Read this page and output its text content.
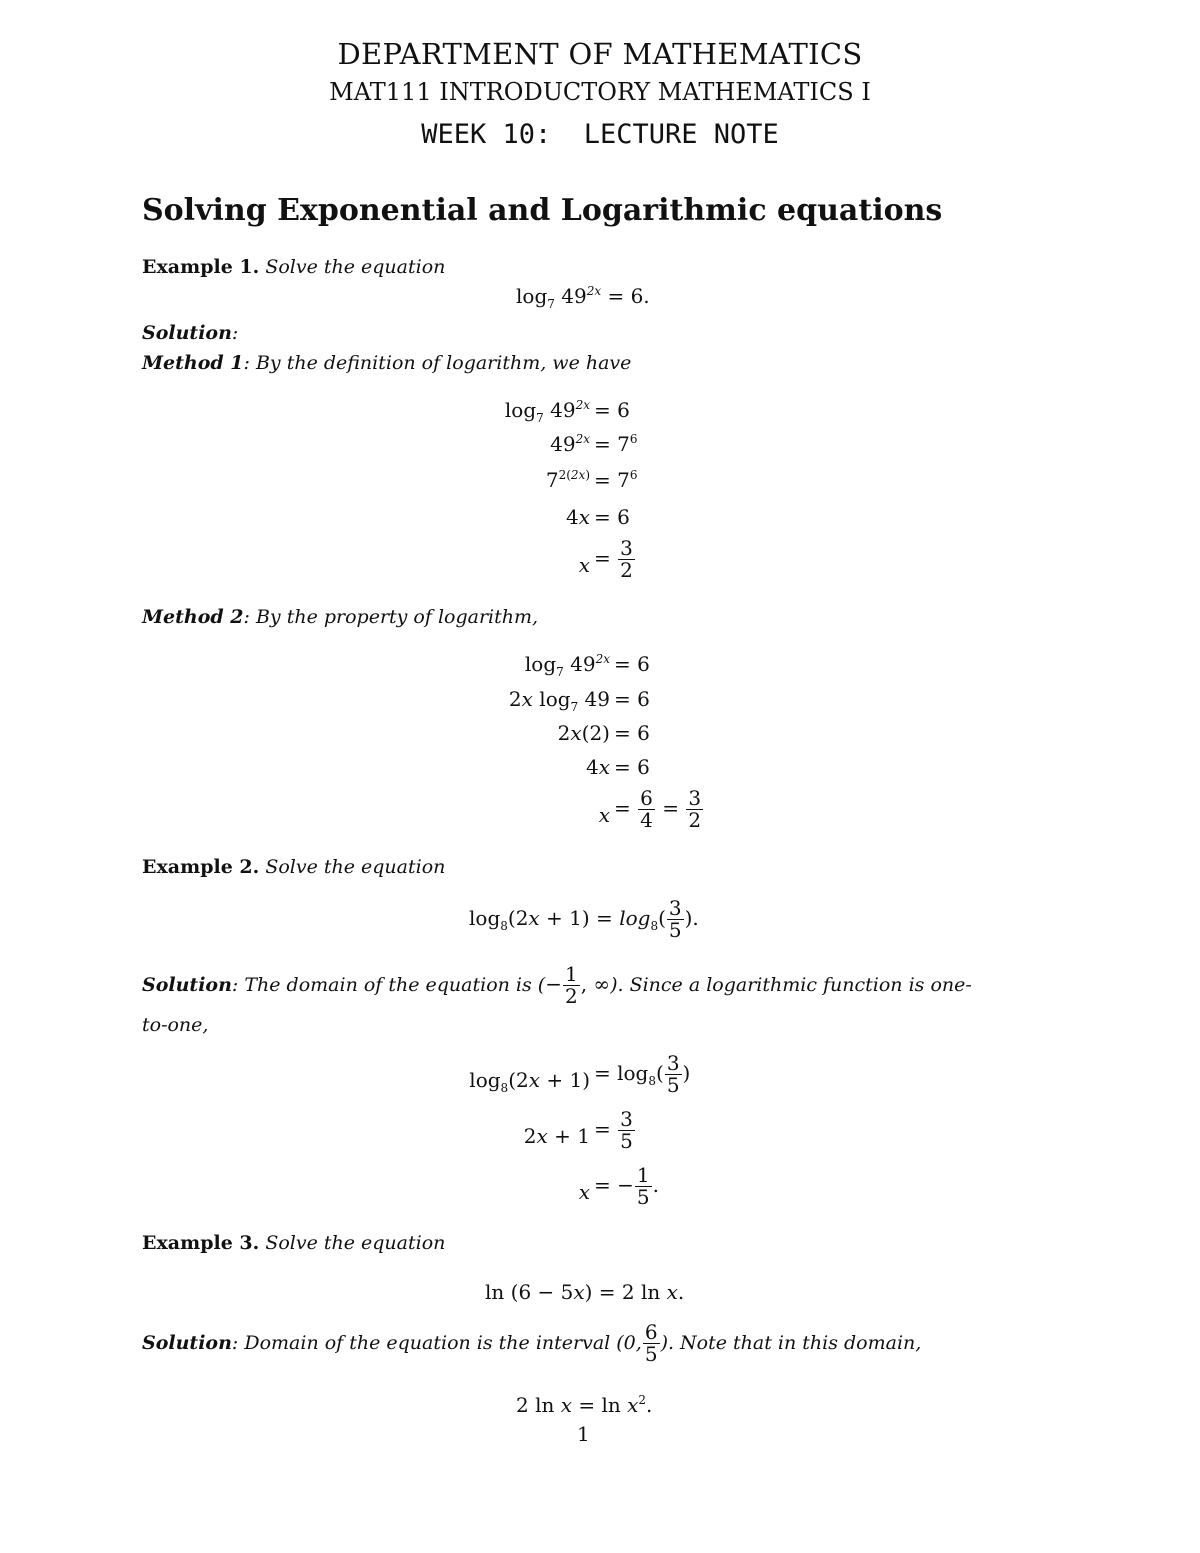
DEPARTMENT OF MATHEMATICS
MAT111 INTRODUCTORY MATHEMATICS I
WEEK 10:  LECTURE NOTE
Solving Exponential and Logarithmic equations
Example 1. Solve the equation
$\log_7 49^{2x} = 6$.
Solution:
Method 1: By the definition of logarithm, we have
$\log_7 49^{2x} = 6$
$49^{2x} = 7^6$
$7^{2(2x)} = 7^6$
4x = 6
$x = \frac{3}{2}$
Method 2: By the property of logarithm,
$\log_7 49^{2x} = 6$
2x $\log_7 49 = 6$
2x(2) = 6
4x = 6
$x = \frac{6}{4} = \frac{3}{2}$
Example 2. Solve the equation
$\log_8(2x + 1) = \log_8( \frac{3}{5}$ ).
Solution: The domain of the equation is (− $\frac{1}{2}$ , ∞). Since a logarithmic function is one-
to-one,
$\log_8(2x + 1) = \log_8( \frac{3}{5}$ )
$2x + 1 = \frac{3}{5}$
x = − $\frac{1}{5}$ .
Example 3. Solve the equation
ln (6 − 5x) = 2 ln x.
Solution: Domain of the equation is the interval (0, $\frac{6}{5}$ ). Note that in this domain,
2 $\ln x = \ln x^2$.
1
